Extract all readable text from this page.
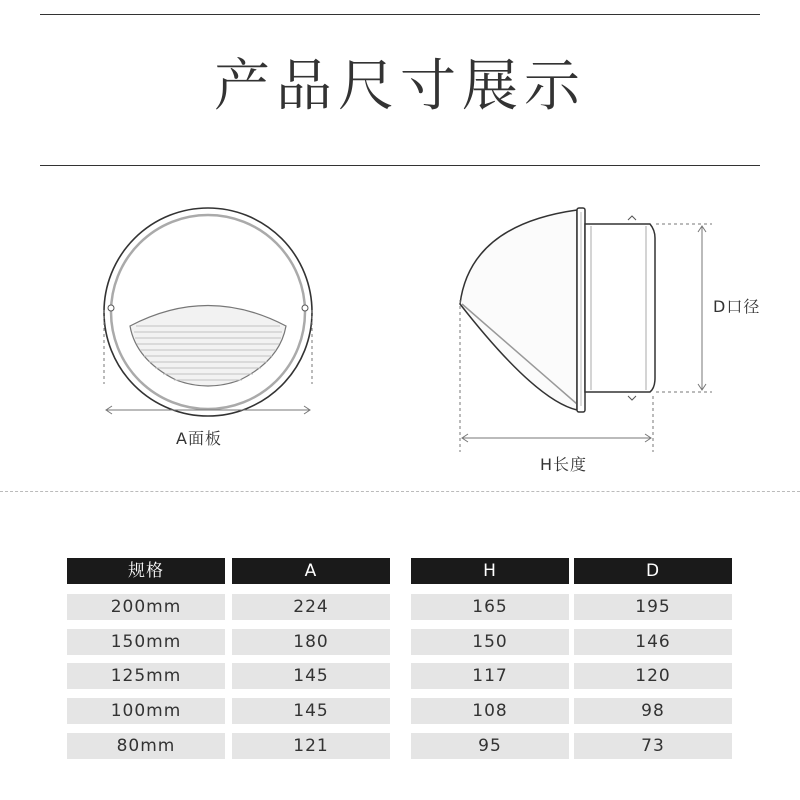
产品尺寸展示
A面板
H长度
D口径
规格	A	H	D
200mm	224	165	195
150mm	180	150	146
125mm	145	117	120
100mm	145	108	98
80mm	121	95	73
